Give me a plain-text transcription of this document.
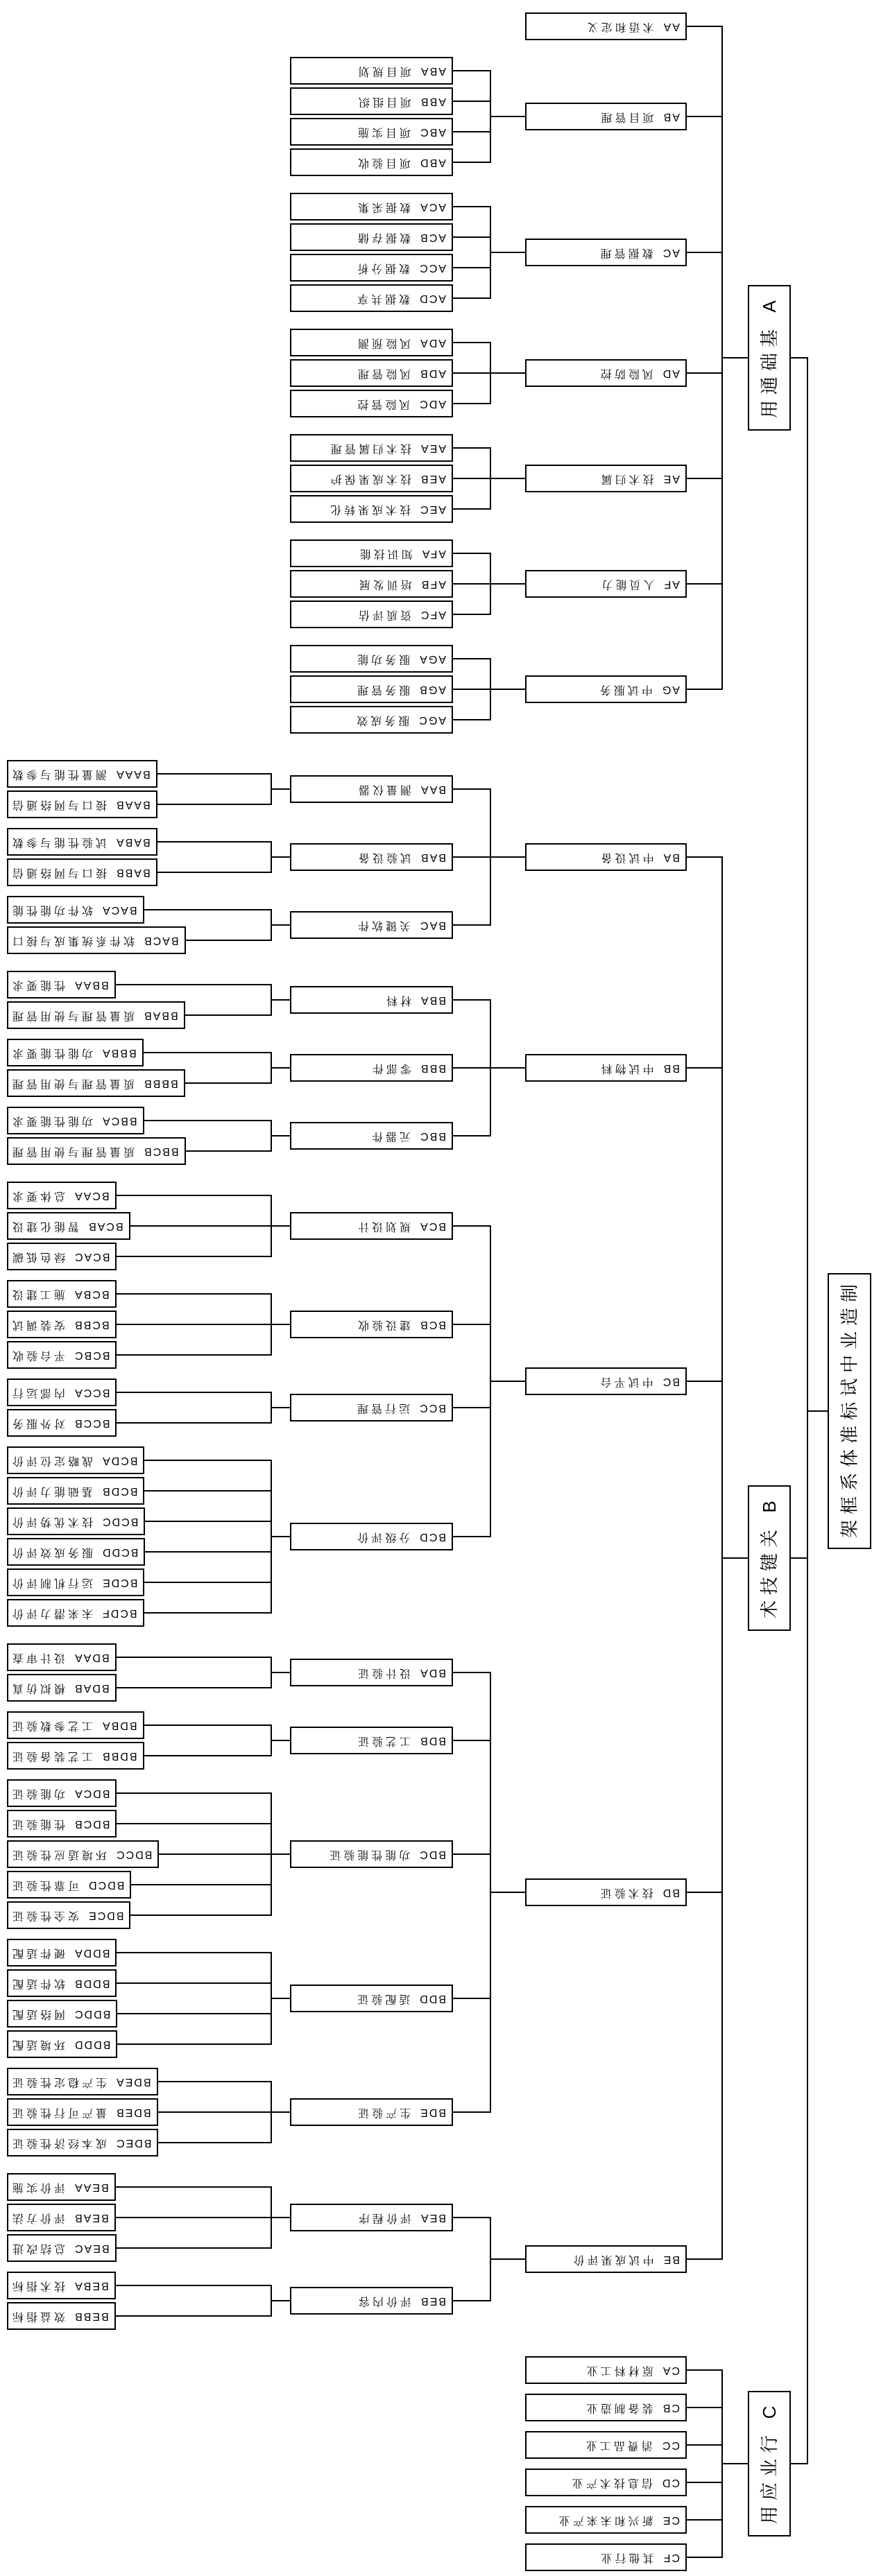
制
造
业
中
试
标
准
体
系
框
架
A
基
础
通
用
AA术语和定义
AB项目管理
ABA项目规划
ABB项目组织
ABC项目实施
ABD项目验收
AC数据管理
ACA数据采集
ACB数据存储
ACC数据分析
ACD数据共享
AD风险防控
ADA风险预测
ADB风险管理
ADC风险管控
AE技术归属
AEA技术归属管理
AEB技术成果保护
AEC技术成果转化
AF人员能力
AFA知识技能
AFB培训发展
AFC资质评估
AG中试服务
AGA服务功能
AGB服务管理
AGC服务成效
B
关
键
技
术
BA中试设备
BAA测量仪器
BAAA测量性能与参数
BAAB接口与网络通信
BAB试验设备
BABA试验性能与参数
BABB接口与网络通信
BAC关键软件
BACA软件功能性能
BACB软件系统集成与接口
BB中试物料
BBA材料
BBAA性能要求
BBAB质量管理与使用管理
BBB零部件
BBBA功能性能要求
BBBB质量管理与使用管理
BBC元器件
BBCA功能性能要求
BBCB质量管理与使用管理
BC中试平台
BCA规划设计
BCAA总体要求
BCAB智能化建设
BCAC绿色低碳
BCB建设验收
BCBA施工建设
BCBB安装调试
BCBC平台验收
BCC运行管理
BCCA内部运行
BCCB对外服务
BCD分级评价
BCDA战略定位评价
BCDB基础能力评价
BCDC技术优势评价
BCDD服务成效评价
BCDE运行机制评价
BCDF未来潜力评价
BD技术验证
BDA设计验证
BDAA设计审查
BDAB模拟仿真
BDB工艺验证
BDBA工艺参数验证
BDBB工艺装备验证
BDC功能性能验证
BDCA功能验证
BDCB性能验证
BDCC环境适应性验证
BDCD可靠性验证
BDCE安全性验证
BDD适配验证
BDDA硬件适配
BDDB软件适配
BDDC网络适配
BDDD环境适配
BDE生产验证
BDEA生产稳定性验证
BDEB量产可行性验证
BDEC成本经济性验证
BE中试成果评价
BEA评价程序
BEAA评价实施
BEAB评价方法
BEAC总结改进
BEB评价内容
BEBA技术指标
BEBB效益指标
C
行
业
应
用
CA原材料工业
CB装备制造业
CC消费品工业
CD信息技术产业
CE新兴和未来产业
CF其他行业
